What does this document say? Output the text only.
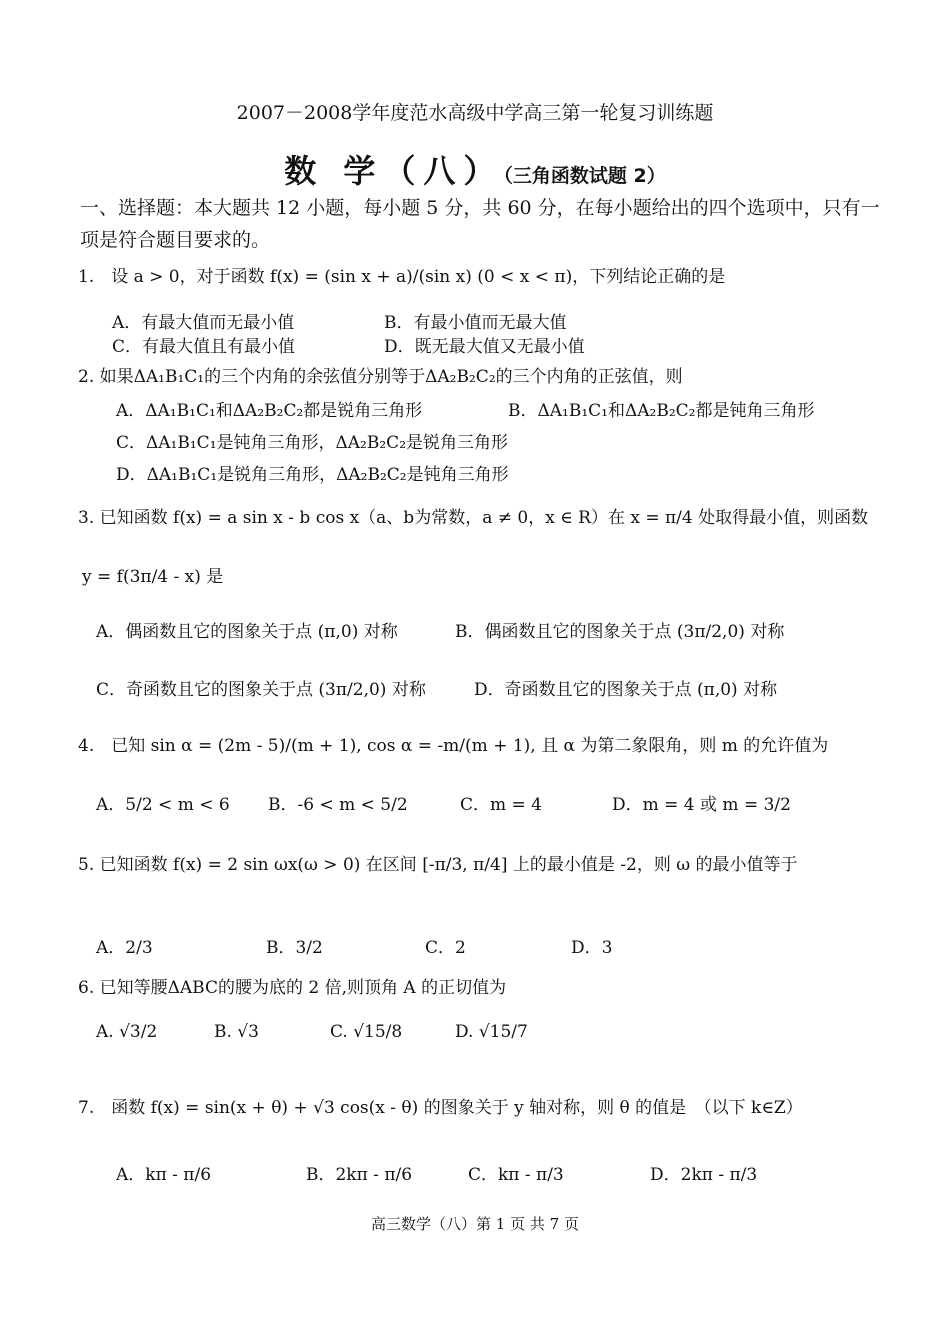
2007－2008学年度范水高级中学高三第一轮复习训练题
数 学（八）（三角函数试题 2）
一、选择题：本大题共 12 小题，每小题 5 分，共 60 分，在每小题给出的四个选项中，只有一项是符合题目要求的。
1.　设 a > 0，对于函数 f(x) = (sin x + a)/(sin x) (0 < x < π)，下列结论正确的是
A．有最大值而无最小值	B．有最小值而无最大值
C．有最大值且有最小值	D．既无最大值又无最小值
2. 如果ΔA₁B₁C₁的三个内角的余弦值分别等于ΔA₂B₂C₂的三个内角的正弦值，则
A．ΔA₁B₁C₁和ΔA₂B₂C₂都是锐角三角形	B．ΔA₁B₁C₁和ΔA₂B₂C₂都是钝角三角形
C．ΔA₁B₁C₁是钝角三角形，ΔA₂B₂C₂是锐角三角形
D．ΔA₁B₁C₁是锐角三角形，ΔA₂B₂C₂是钝角三角形
3. 已知函数 f(x) = a sin x - b cos x（a、b为常数，a ≠ 0，x ∈ R）在 x = π/4 处取得最小值，则函数
y = f(3π/4 - x) 是
A．偶函数且它的图象关于点 (π,0) 对称	B．偶函数且它的图象关于点 (3π/2,0) 对称
C．奇函数且它的图象关于点 (3π/2,0) 对称	D．奇函数且它的图象关于点 (π,0) 对称
4.　已知 sin α = (2m - 5)/(m + 1), cos α = -m/(m + 1), 且 α 为第二象限角，则 m 的允许值为
A．5/2 < m < 6 B．-6 < m < 5/2	C．m = 4	D．m = 4 或 m = 3/2
5. 已知函数 f(x) = 2 sin ωx(ω > 0) 在区间 [-π/3, π/4] 上的最小值是 -2，则 ω 的最小值等于
A．2/3	B．3/2	C．2	D．3
6. 已知等腰ΔABC的腰为底的 2 倍,则顶角 A 的正切值为
A. √3/2	B. √3	C. √15/8	D. √15/7
7.　函数 f(x) = sin(x + θ) + √3 cos(x - θ) 的图象关于 y 轴对称，则 θ 的值是　（以下 k∈Z）
A．kπ - π/6	B．2kπ - π/6	C．kπ - π/3	D．2kπ - π/3
高三数学（八）第 1 页 共 7 页
